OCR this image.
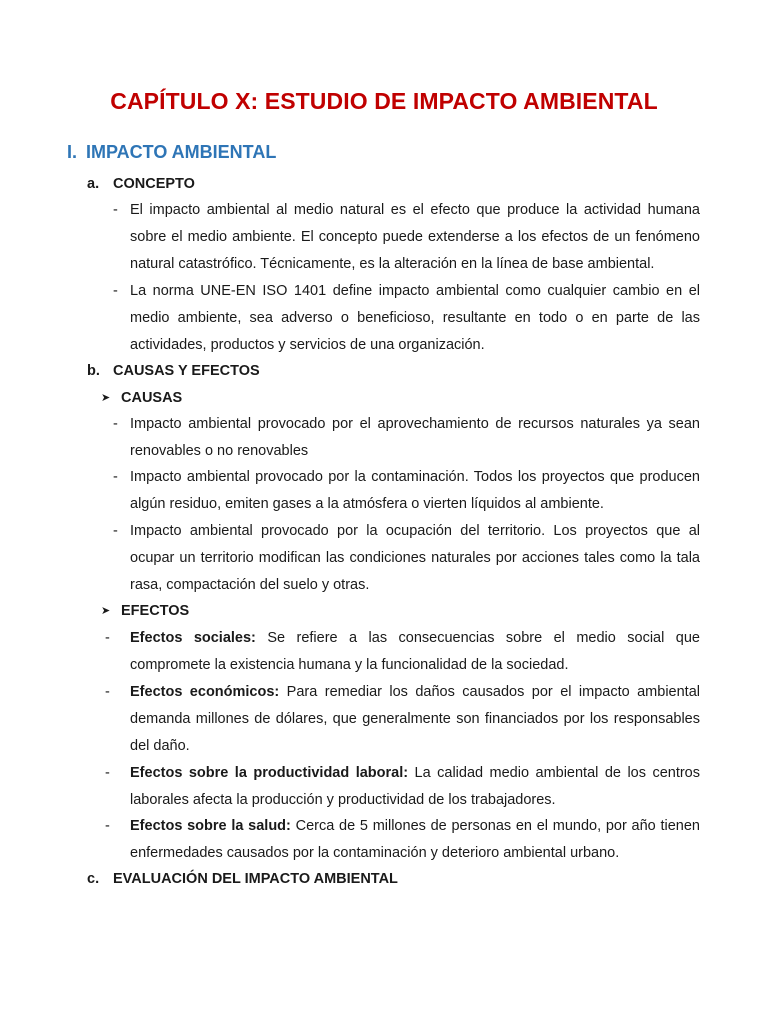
CAPÍTULO X: ESTUDIO DE IMPACTO AMBIENTAL
I. IMPACTO AMBIENTAL
a. CONCEPTO
- El impacto ambiental al medio natural es el efecto que produce la actividad humana sobre el medio ambiente. El concepto puede extenderse a los efectos de un fenómeno natural catastrófico. Técnicamente, es la alteración en la línea de base ambiental.
- La norma UNE-EN ISO 1401 define impacto ambiental como cualquier cambio en el medio ambiente, sea adverso o beneficioso, resultante en todo o en parte de las actividades, productos y servicios de una organización.
b. CAUSAS Y EFECTOS
➤ CAUSAS
- Impacto ambiental provocado por el aprovechamiento de recursos naturales ya sean renovables o no renovables
- Impacto ambiental provocado por la contaminación. Todos los proyectos que producen algún residuo, emiten gases a la atmósfera o vierten líquidos al ambiente.
- Impacto ambiental provocado por la ocupación del territorio. Los proyectos que al ocupar un territorio modifican las condiciones naturales por acciones tales como la tala rasa, compactación del suelo y otras.
➤ EFECTOS
-	Efectos sociales: Se refiere a las consecuencias sobre el medio social que compromete la existencia humana y la funcionalidad de la sociedad.
-	Efectos económicos: Para remediar los daños causados por el impacto ambiental demanda millones de dólares, que generalmente son financiados por los responsables del daño.
-	Efectos sobre la productividad laboral: La calidad medio ambiental de los centros laborales afecta la producción y productividad de los trabajadores.
-	Efectos sobre la salud: Cerca de 5 millones de personas en el mundo, por año tienen enfermedades causados por la contaminación y deterioro ambiental urbano.
c. EVALUACIÓN DEL IMPACTO AMBIENTAL
